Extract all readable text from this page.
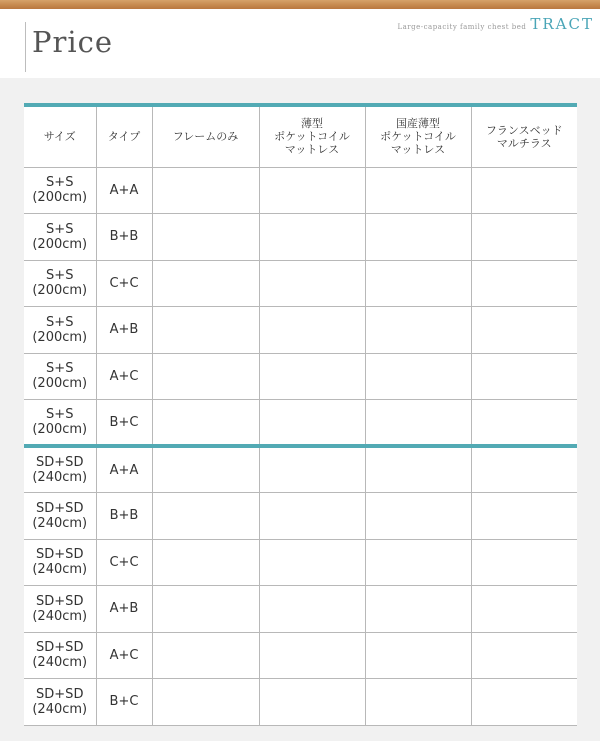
Price	Large-capacity family chest bed TRACT
サイズ	タイプ	フレームのみ	薄型
ポケットコイル
マットレス	国産薄型
ポケットコイル
マットレス	フランスベッド
マルチラス

S+S
(200cm)	A+A				

S+S
(200cm)	B+B				

S+S
(200cm)	C+C				

S+S
(200cm)	A+B				

S+S
(200cm)	A+C				

S+S
(200cm)	B+C				

SD+SD
(240cm)	A+A				

SD+SD
(240cm)	B+B				

SD+SD
(240cm)	C+C				

SD+SD
(240cm)	A+B				

SD+SD
(240cm)	A+C				

SD+SD
(240cm)	B+C				
